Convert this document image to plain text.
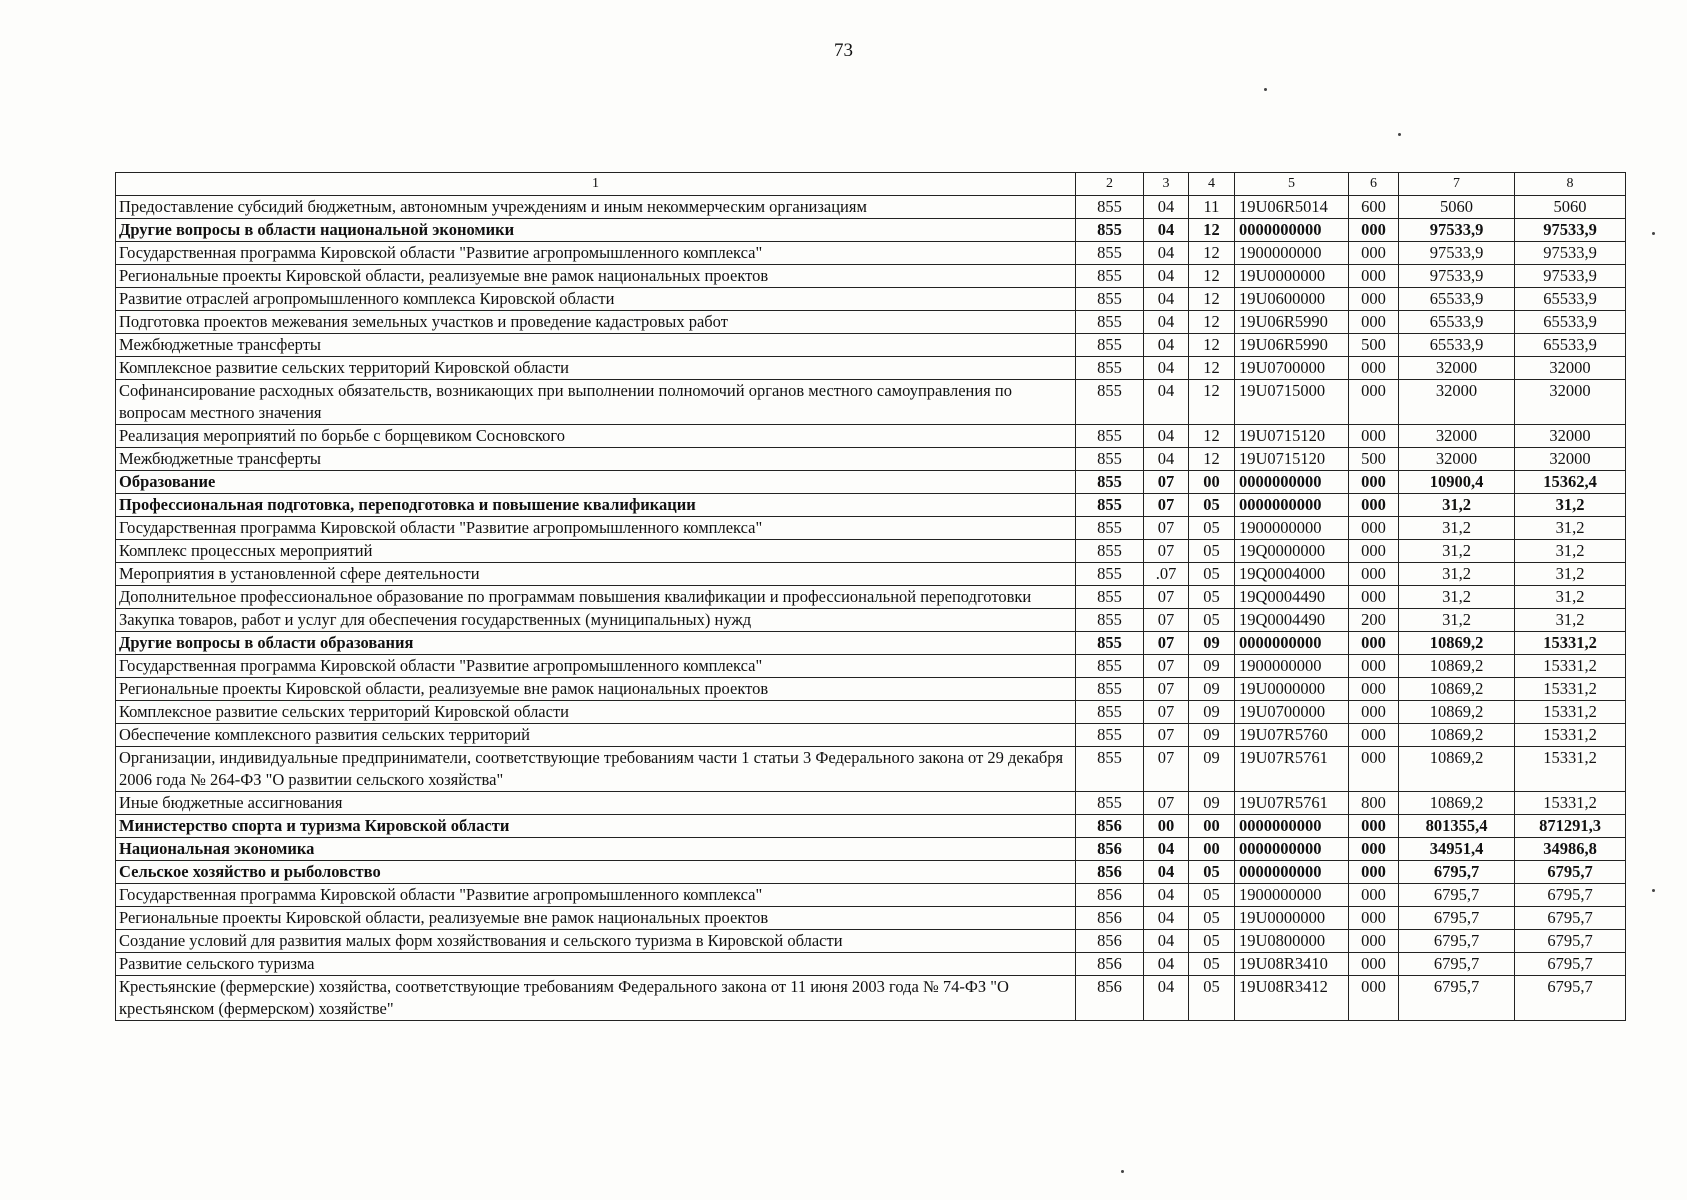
73
1	2	3	4	5	6	7	8
Предоставление субсидий бюджетным, автономным учреждениям и иным некоммерческим организациям	855	04	11	19U06R5014	600	5060	5060
Другие вопросы в области национальной экономики	855	04	12	0000000000	000	97533,9	97533,9
Государственная программа Кировской области "Развитие агропромышленного комплекса"	855	04	12	1900000000	000	97533,9	97533,9
Региональные проекты Кировской области, реализуемые вне рамок национальных проектов	855	04	12	19U0000000	000	97533,9	97533,9
Развитие отраслей агропромышленного комплекса Кировской области	855	04	12	19U0600000	000	65533,9	65533,9
Подготовка проектов межевания земельных участков и проведение кадастровых работ	855	04	12	19U06R5990	000	65533,9	65533,9
Межбюджетные трансферты	855	04	12	19U06R5990	500	65533,9	65533,9
Комплексное развитие сельских территорий Кировской области	855	04	12	19U0700000	000	32000	32000
Софинансирование расходных обязательств, возникающих при выполнении полномочий органов местного самоуправления по вопросам местного значения	855	04	12	19U0715000	000	32000	32000
Реализация мероприятий по борьбе с борщевиком Сосновского	855	04	12	19U0715120	000	32000	32000
Межбюджетные трансферты	855	04	12	19U0715120	500	32000	32000
Образование	855	07	00	0000000000	000	10900,4	15362,4
Профессиональная подготовка, переподготовка и повышение квалификации	855	07	05	0000000000	000	31,2	31,2
Государственная программа Кировской области "Развитие агропромышленного комплекса"	855	07	05	1900000000	000	31,2	31,2
Комплекс процессных мероприятий	855	07	05	19Q0000000	000	31,2	31,2
Мероприятия в установленной сфере деятельности	855	.07	05	19Q0004000	000	31,2	31,2
Дополнительное профессиональное образование по программам повышения квалификации и профессиональной переподготовки	855	07	05	19Q0004490	000	31,2	31,2
Закупка товаров, работ и услуг для обеспечения государственных (муниципальных) нужд	855	07	05	19Q0004490	200	31,2	31,2
Другие вопросы в области образования	855	07	09	0000000000	000	10869,2	15331,2
Государственная программа Кировской области "Развитие агропромышленного комплекса"	855	07	09	1900000000	000	10869,2	15331,2
Региональные проекты Кировской области, реализуемые вне рамок национальных проектов	855	07	09	19U0000000	000	10869,2	15331,2
Комплексное развитие сельских территорий Кировской области	855	07	09	19U0700000	000	10869,2	15331,2
Обеспечение комплексного развития сельских территорий	855	07	09	19U07R5760	000	10869,2	15331,2
Организации, индивидуальные предприниматели, соответствующие требованиям части 1 статьи 3 Федерального закона от 29 декабря 2006 года № 264-ФЗ "О развитии сельского хозяйства"	855	07	09	19U07R5761	000	10869,2	15331,2
Иные бюджетные ассигнования	855	07	09	19U07R5761	800	10869,2	15331,2
Министерство спорта и туризма Кировской области	856	00	00	0000000000	000	801355,4	871291,3
Национальная экономика	856	04	00	0000000000	000	34951,4	34986,8
Сельское хозяйство и рыболовство	856	04	05	0000000000	000	6795,7	6795,7
Государственная программа Кировской области "Развитие агропромышленного комплекса"	856	04	05	1900000000	000	6795,7	6795,7
Региональные проекты Кировской области, реализуемые вне рамок национальных проектов	856	04	05	19U0000000	000	6795,7	6795,7
Создание условий для развития малых форм хозяйствования и сельского туризма в Кировской области	856	04	05	19U0800000	000	6795,7	6795,7
Развитие сельского туризма	856	04	05	19U08R3410	000	6795,7	6795,7
Крестьянские (фермерские) хозяйства, соответствующие требованиям Федерального закона от 11 июня 2003 года № 74-ФЗ "О крестьянском (фермерском) хозяйстве"	856	04	05	19U08R3412	000	6795,7	6795,7
